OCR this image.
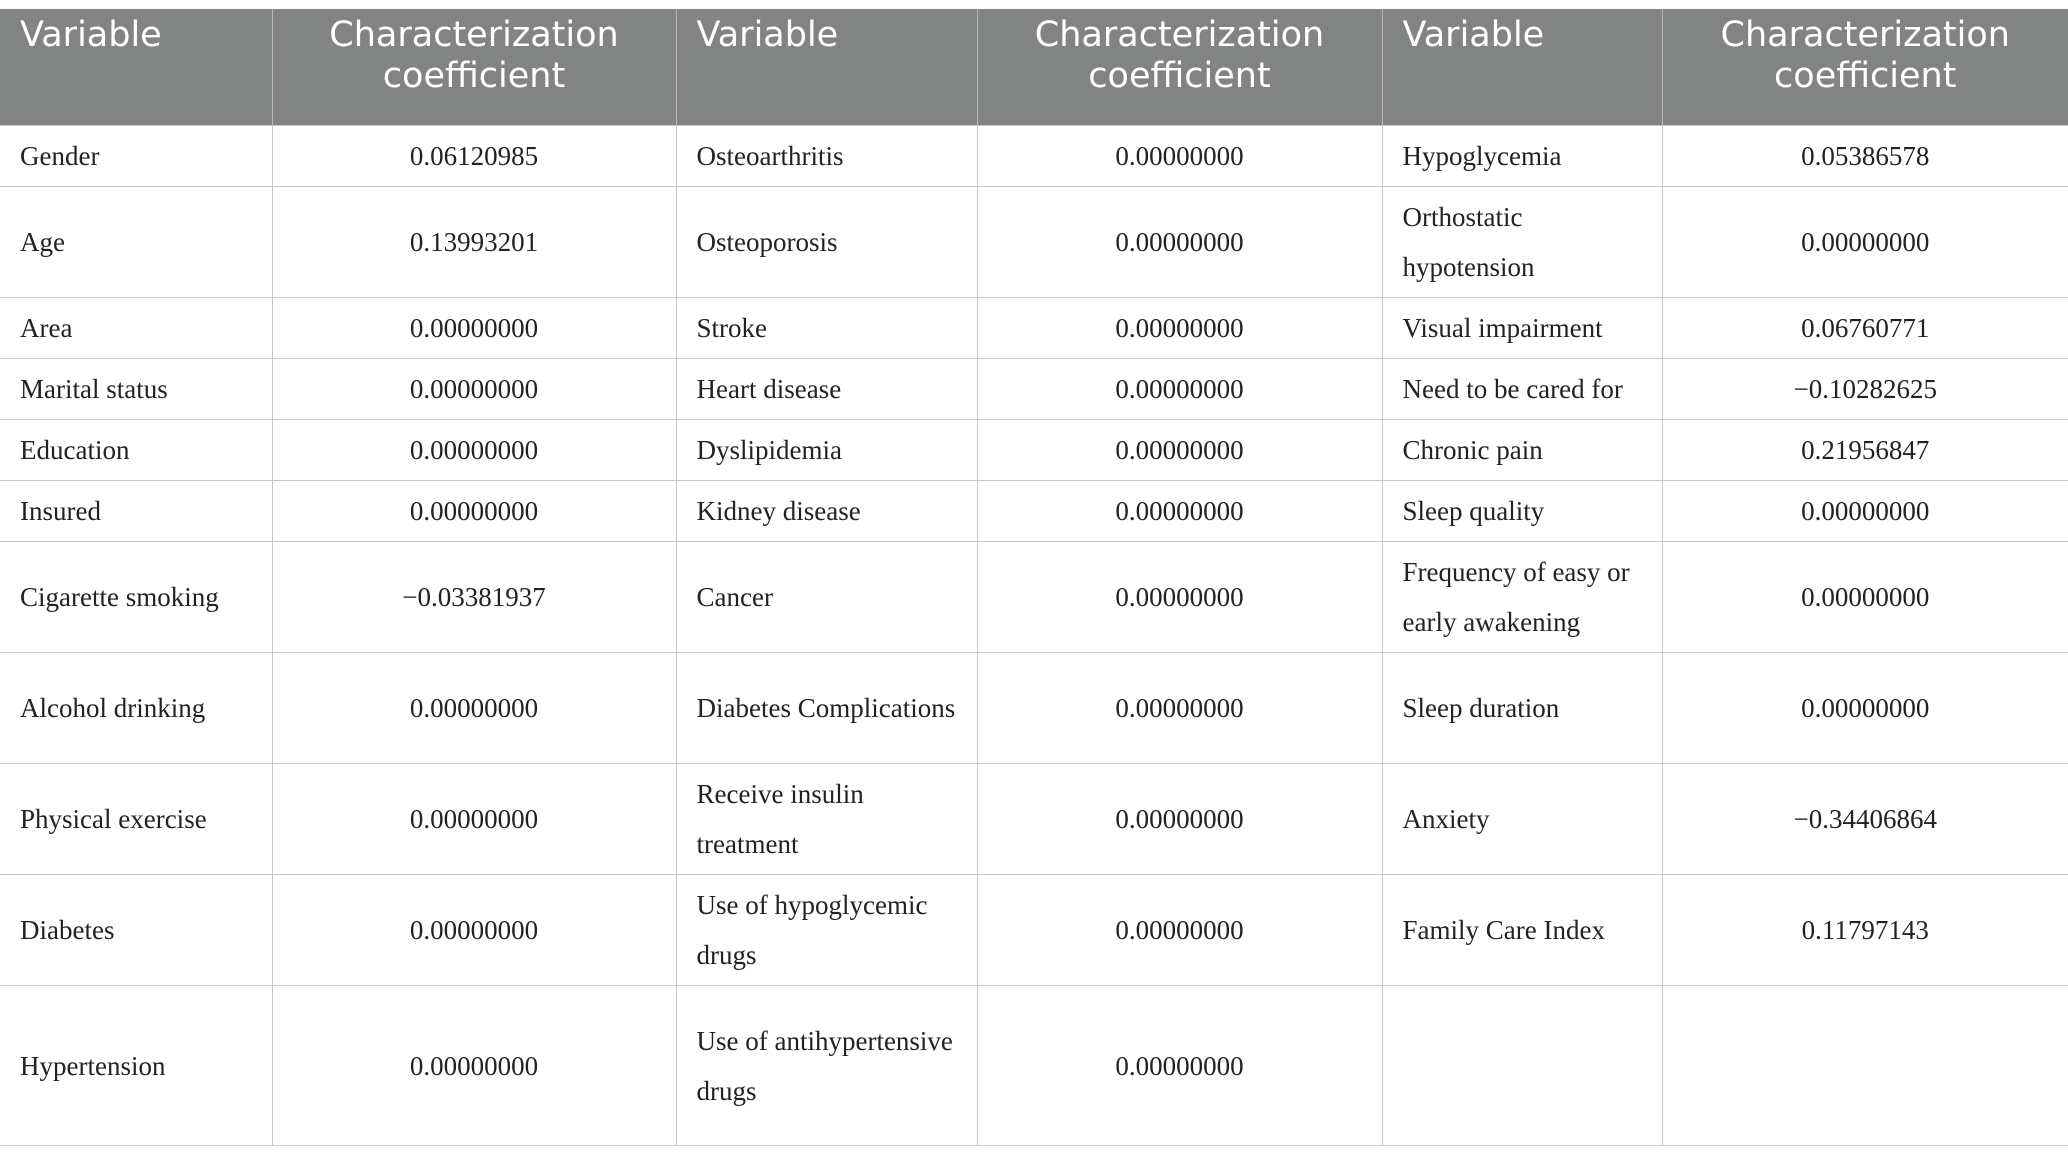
Variable	Characterization coefficient	Variable	Characterization coefficient	Variable	Characterization coefficient
Gender	0.06120985	Osteoarthritis	0.00000000	Hypoglycemia	0.05386578
Age	0.13993201	Osteoporosis	0.00000000	Orthostatic hypotension	0.00000000
Area	0.00000000	Stroke	0.00000000	Visual impairment	0.06760771
Marital status	0.00000000	Heart disease	0.00000000	Need to be cared for	−0.10282625
Education	0.00000000	Dyslipidemia	0.00000000	Chronic pain	0.21956847
Insured	0.00000000	Kidney disease	0.00000000	Sleep quality	0.00000000
Cigarette smoking	−0.03381937	Cancer	0.00000000	Frequency of easy or early awakening	0.00000000
Alcohol drinking	0.00000000	Diabetes Complications	0.00000000	Sleep duration	0.00000000
Physical exercise	0.00000000	Receive insulin treatment	0.00000000	Anxiety	−0.34406864
Diabetes	0.00000000	Use of hypoglycemic drugs	0.00000000	Family Care Index	0.11797143
Hypertension	0.00000000	Use of antihypertensive drugs	0.00000000		
